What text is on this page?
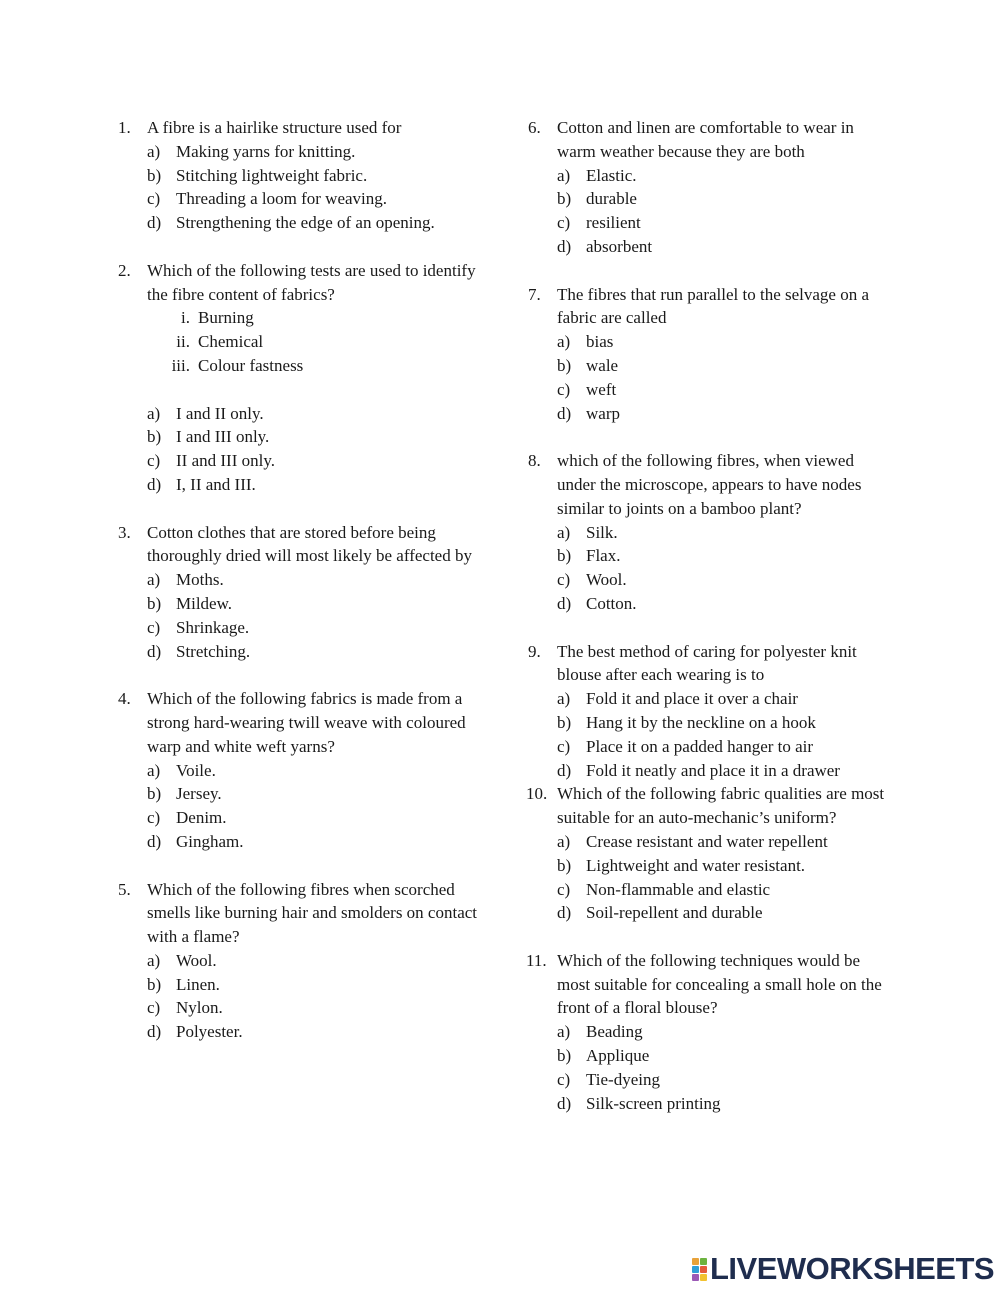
1. A fibre is a hairlike structure used for
a) Making yarns for knitting.
b) Stitching lightweight fabric.
c) Threading a loom for weaving.
d) Strengthening the edge of an opening.
2. Which of the following tests are used to identify the fibre content of fabrics?
i. Burning
ii. Chemical
iii. Colour fastness
a) I and II only.
b) I and III only.
c) II and III only.
d) I, II and III.
3. Cotton clothes that are stored before being thoroughly dried will most likely be affected by
a) Moths.
b) Mildew.
c) Shrinkage.
d) Stretching.
4. Which of the following fabrics is made from a strong hard-wearing twill weave with coloured warp and white weft yarns?
a) Voile.
b) Jersey.
c) Denim.
d) Gingham.
5. Which of the following fibres when scorched smells like burning hair and smolders on contact with a flame?
a) Wool.
b) Linen.
c) Nylon.
d) Polyester.
6. Cotton and linen are comfortable to wear in warm weather because they are both
a) Elastic.
b) durable
c) resilient
d) absorbent
7. The fibres that run parallel to the selvage on a fabric are called
a) bias
b) wale
c) weft
d) warp
8. which of the following fibres, when viewed under the microscope, appears to have nodes similar to joints on a bamboo plant?
a) Silk.
b) Flax.
c) Wool.
d) Cotton.
9. The best method of caring for polyester knit blouse after each wearing is to
a) Fold it and place it over a chair
b) Hang it by the neckline on a hook
c) Place it on a padded hanger to air
d) Fold it neatly and place it in a drawer
10. Which of the following fabric qualities are most suitable for an auto-mechanic’s uniform?
a) Crease resistant and water repellent
b) Lightweight and water resistant.
c) Non-flammable and elastic
d) Soil-repellent and durable
11. Which of the following techniques would be most suitable for concealing a small hole on the front of a floral blouse?
a) Beading
b) Applique
c) Tie-dyeing
d) Silk-screen printing
LIVEWORKSHEETS
